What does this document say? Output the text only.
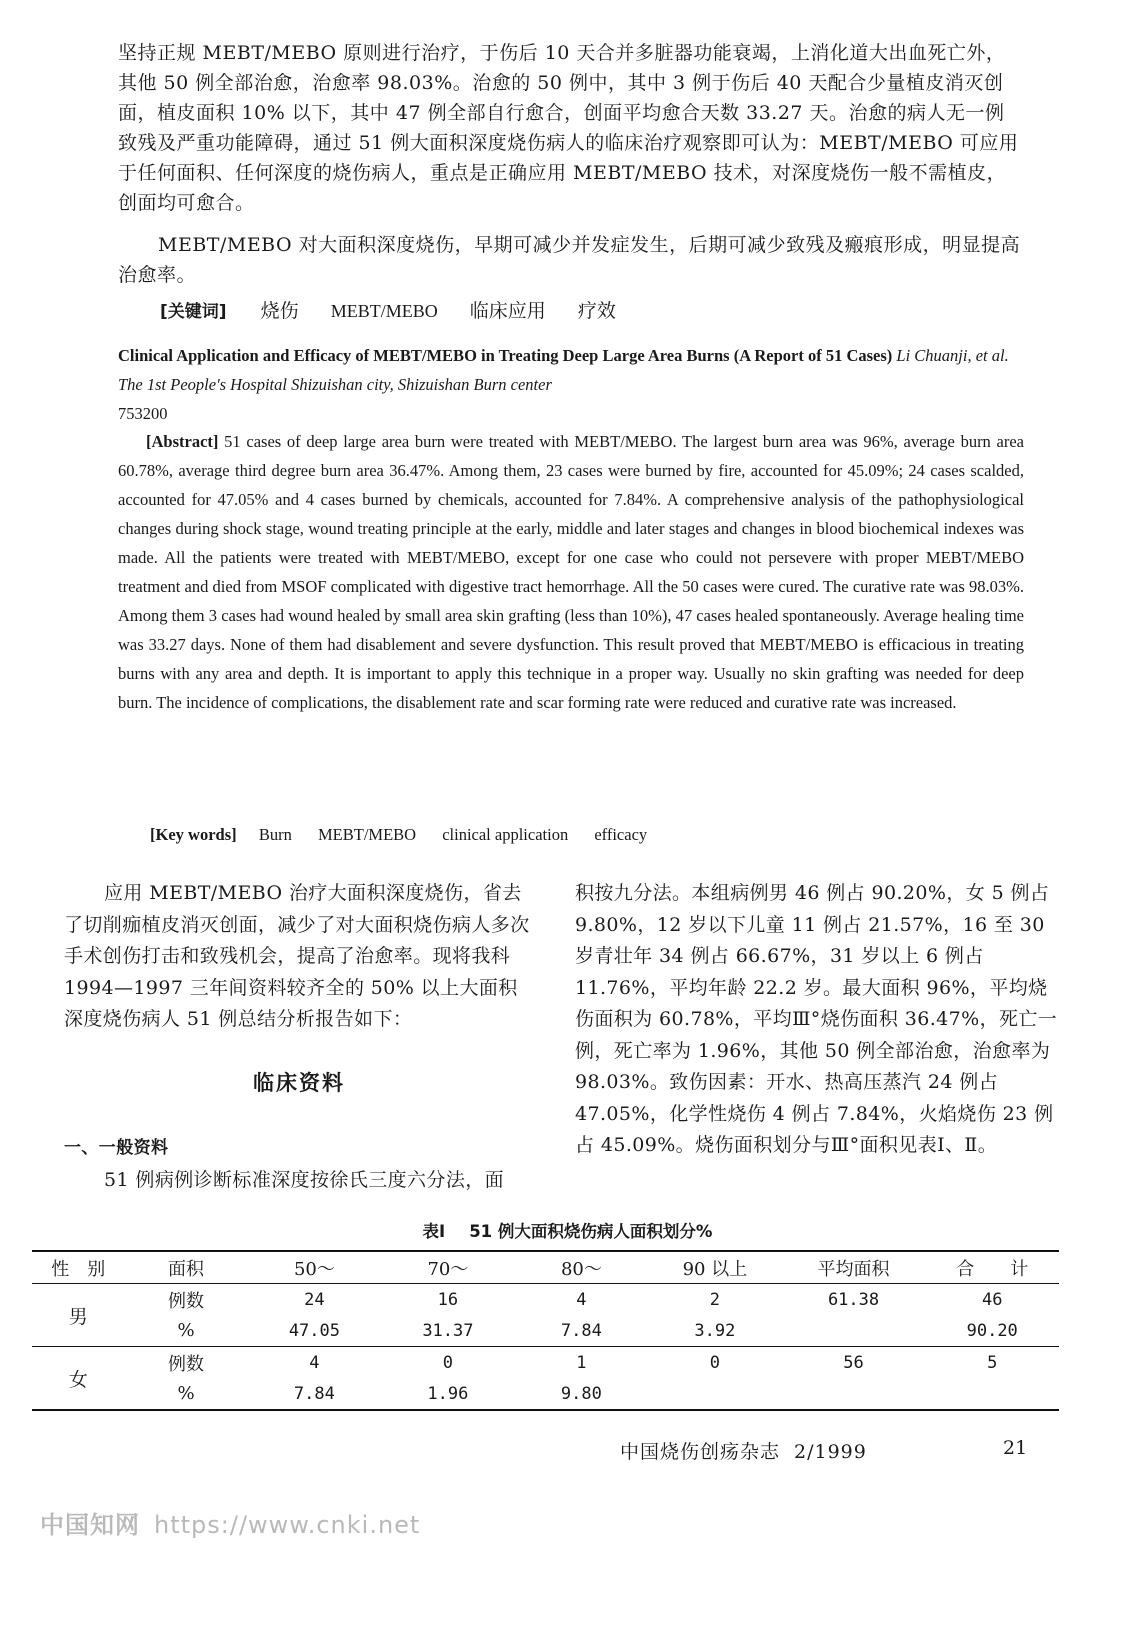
坚持正规 MEBT/MEBO 原则进行治疗，于伤后 10 天合并多脏器功能衰竭，上消化道大出血死亡外，其他 50 例全部治愈，治愈率 98.03%。治愈的 50 例中，其中 3 例于伤后 40 天配合少量植皮消灭创面，植皮面积 10% 以下，其中 47 例全部自行愈合，创面平均愈合天数 33.27 天。治愈的病人无一例致残及严重功能障碍，通过 51 例大面积深度烧伤病人的临床治疗观察即可认为：MEBT/MEBO 可应用于任何面积、任何深度的烧伤病人，重点是正确应用 MEBT/MEBO 技术，对深度烧伤一般不需植皮，创面均可愈合。

MEBT/MEBO 对大面积深度烧伤，早期可减少并发症发生，后期可减少致残及瘢痕形成，明显提高治愈率。

[关键词] 烧伤 MEBT/MEBO 临床应用 疗效
Clinical Application and Efficacy of MEBT/MEBO in Treating Deep Large Area Burns (A Report of 51 Cases) Li Chuanji, et al. The 1st People's Hospital Shizuishan city, Shizuishan Burn center
753200

[Abstract] 51 cases of deep large area burn were treated with MEBT/MEBO. The largest burn area was 96%, average burn area 60.78%, average third degree burn area 36.47%. Among them, 23 cases were burned by fire, accounted for 45.09%; 24 cases scalded, accounted for 47.05% and 4 cases burned by chemicals, accounted for 7.84%. A comprehensive analysis of the pathophysiological changes during shock stage, wound treating principle at the early, middle and later stages and changes in blood biochemical indexes was made. All the patients were treated with MEBT/MEBO, except for one case who could not persevere with proper MEBT/MEBO treatment and died from MSOF complicated with digestive tract hemorrhage. All the 50 cases were cured. The curative rate was 98.03%. Among them 3 cases had wound healed by small area skin grafting (less than 10%), 47 cases healed spontaneously. Average healing time was 33.27 days. None of them had disablement and severe dysfunction. This result proved that MEBT/MEBO is efficacious in treating burns with any area and depth. It is important to apply this technique in a proper way. Usually no skin grafting was needed for deep burn. The incidence of complications, the disablement rate and scar forming rate were reduced and curative rate was increased.

[Key words] Burn MEBT/MEBO clinical application efficacy

应用 MEBT/MEBO 治疗大面积深度烧伤，省去了切削痂植皮消灭创面，减少了对大面积烧伤病人多次手术创伤打击和致残机会，提高了治愈率。现将我科 1994—1997 三年间资料较齐全的 50% 以上大面积深度烧伤病人 51 例总结分析报告如下：

临床资料

一、一般资料

51 例病例诊断标准深度按徐氏三度六分法，面

积按九分法。本组病例男 46 例占 90.20%，女 5 例占 9.80%，12 岁以下儿童 11 例占 21.57%，16 至 30 岁青壮年 34 例占 66.67%，31 岁以上 6 例占 11.76%，平均年龄 22.2 岁。最大面积 96%，平均烧伤面积为 60.78%，平均Ⅲ°烧伤面积 36.47%，死亡一例，死亡率为 1.96%，其他 50 例全部治愈，治愈率为 98.03%。致伤因素：开水、热高压蒸汽 24 例占 47.05%，化学性烧伤 4 例占 7.84%，火焰烧伤 23 例占 45.09%。烧伤面积划分与Ⅲ°面积见表Ⅰ、Ⅱ。

表Ⅰ 51 例大面积烧伤病人面积划分%
性　别	面积	50～	70～	80～	90 以上	平均面积	合　　计
男	例数	24	16	4	2	61.38	46
	%	47.05	31.37	7.84	3.92		90.20
女	例数	4	0	1	0	56	5
	%	7.84	1.96	9.80			
中国烧伤创疡杂志 2/1999	21
中国知网 https://www.cnki.net
